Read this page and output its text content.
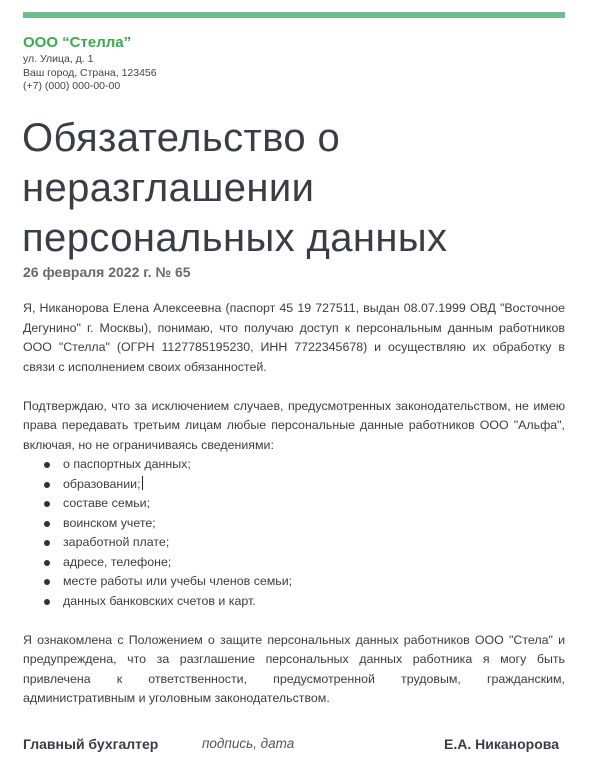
ООО “Стелла”
ул. Улица, д. 1
Ваш город, Страна, 123456
(+7) (000) 000-00-00
Обязательство о
неразглашении
персональных данных
26 февраля 2022 г. № 65

Я, Никанорова Елена Алексеевна (паспорт 45 19 727511, выдан 08.07.1999 ОВД "Восточное Дегунино" г. Москвы), понимаю, что получаю доступ к персональным данным работников ООО "Стелла" (ОГРН 1127785195230, ИНН 7722345678) и осуществляю их обработку в связи с исполнением своих обязанностей.

Подтверждаю, что за исключением случаев, предусмотренных законодательством, не имею права передавать третьим лицам любые персональные данные работников ООО "Альфа", включая, но не ограничиваясь сведениями:

о паспортных данных;
образовании;
составе семьи;
воинском учете;
заработной плате;
адресе, телефоне;
месте работы или учебы членов семьи;
данных банковских счетов и карт.

Я ознакомлена с Положением о защите персональных данных работников ООО "Стела" и предупреждена, что за разглашение персональных данных работника я могу быть привлечена к ответственности, предусмотренной трудовым, гражданским, административным и уголовным законодательством.

Главный бухгалтер	подпись, дата	Е.А. Никанорова
